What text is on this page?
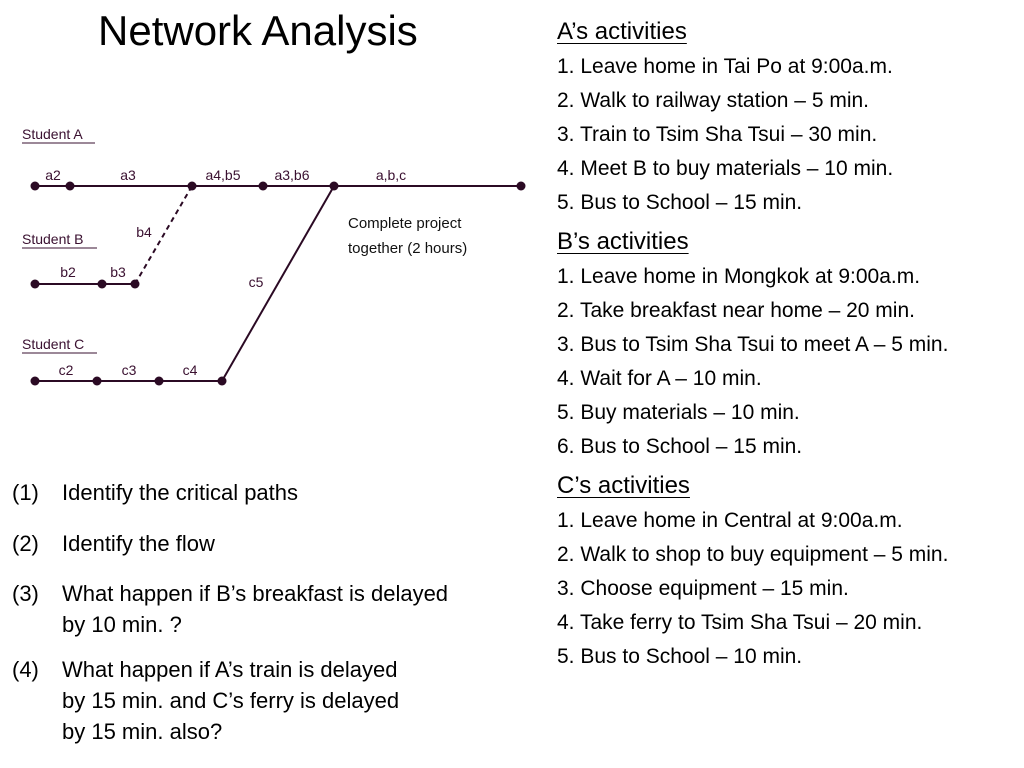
Network Analysis
Student A
Student B
Student C
a2	a3	a4,b5 a3,b6	a,b,c
b2 b3
b4
c2	c3	c4
c5
Complete project
together (2 hours)
(1) Identify the critical paths
(2) Identify the flow
(3) What happen if B’s breakfast is delayed
by 10 min. ?
(4) What happen if A’s train is delayed
by 15 min. and C’s ferry is delayed
by 15 min. also?
A’s activities
1. Leave home in Tai Po at 9:00a.m.
2. Walk to railway station – 5 min.
3. Train to Tsim Sha Tsui – 30 min.
4. Meet B to buy materials – 10 min.
5. Bus to School – 15 min.
B’s activities
1. Leave home in Mongkok at 9:00a.m.
2. Take breakfast near home – 20 min.
3. Bus to Tsim Sha Tsui to meet A – 5 min.
4. Wait for A – 10 min.
5. Buy materials – 10 min.
6. Bus to School – 15 min.
C’s activities
1. Leave home in Central at 9:00a.m.
2. Walk to shop to buy equipment – 5 min.
3. Choose equipment – 15 min.
4. Take ferry to Tsim Sha Tsui – 20 min.
5. Bus to School – 10 min.
